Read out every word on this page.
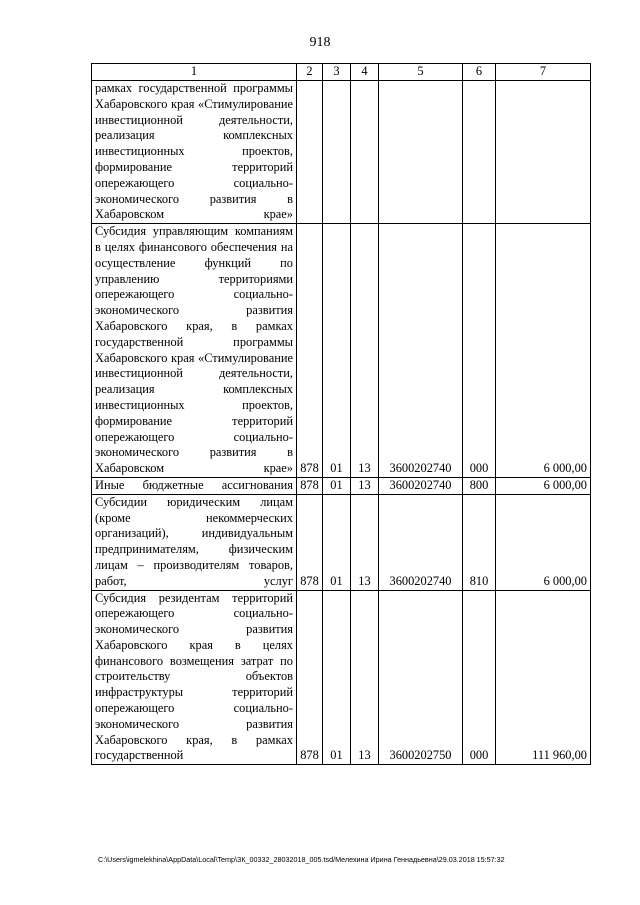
918
1	2	3	4	5	6	7
рамках государственной программы Хабаровского края «Стимулирование инвестиционной деятельности, реализация комплексных инвестиционных проектов, формирование территорий опережающего социально-экономического развития в Хабаровском крае»						
Субсидия управляющим компаниям в целях финансового обеспечения на осуществление функций по управлению территориями опережающего социально-экономического развития Хабаровского края, в рамках государственной программы Хабаровского края «Стимулирование инвестиционной деятельности, реализация комплексных инвестиционных проектов, формирование территорий опережающего социально-экономического развития в Хабаровском крае»	878	01	13	3600202740	000	6 000,00
Иные бюджетные ассигнования	878	01	13	3600202740	800	6 000,00
Субсидии юридическим лицам (кроме некоммерческих организаций), индивидуальным предпринимателям, физическим лицам – производителям товаров, работ, услуг	878	01	13	3600202740	810	6 000,00
Субсидия резидентам территорий опережающего социально-экономического развития Хабаровского края в целях финансового возмещения затрат по строительству объектов инфраструктуры территорий опережающего социально-экономического развития Хабаровского края, в рамках государственной	878	01	13	3600202750	000	111 960,00
C:\Users\igmelekhina\AppData\Local\Temp\ЗК_00332_28032018_005.tsd/Мелехина Ирина Геннадьевна\29.03.2018 15:57:32
